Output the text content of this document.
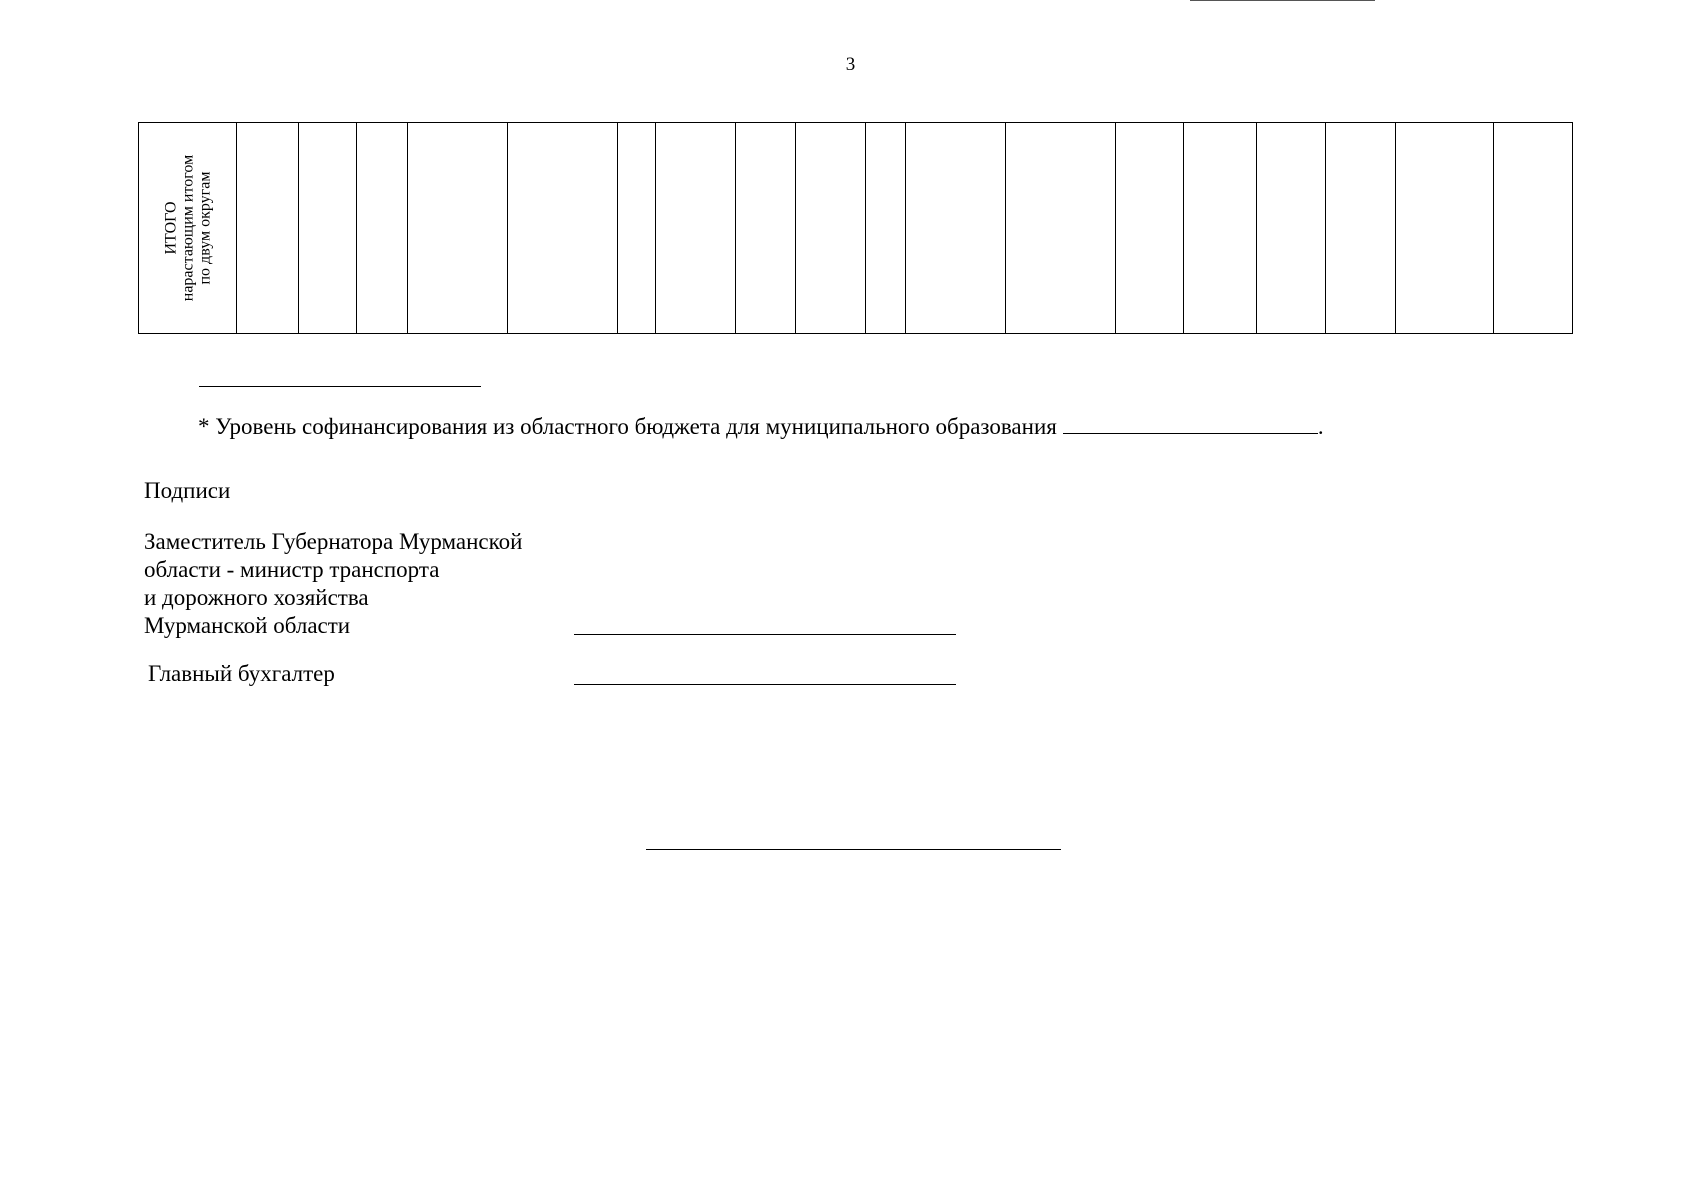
3
ИТОГО нарастающим итогом по двум округам

* Уровень софинансирования из областного бюджета для муниципального образования	.
Подписи
Заместитель Губернатора Мурманской
области - министр транспорта
и дорожного хозяйства
Мурманской области
Главный бухгалтер
